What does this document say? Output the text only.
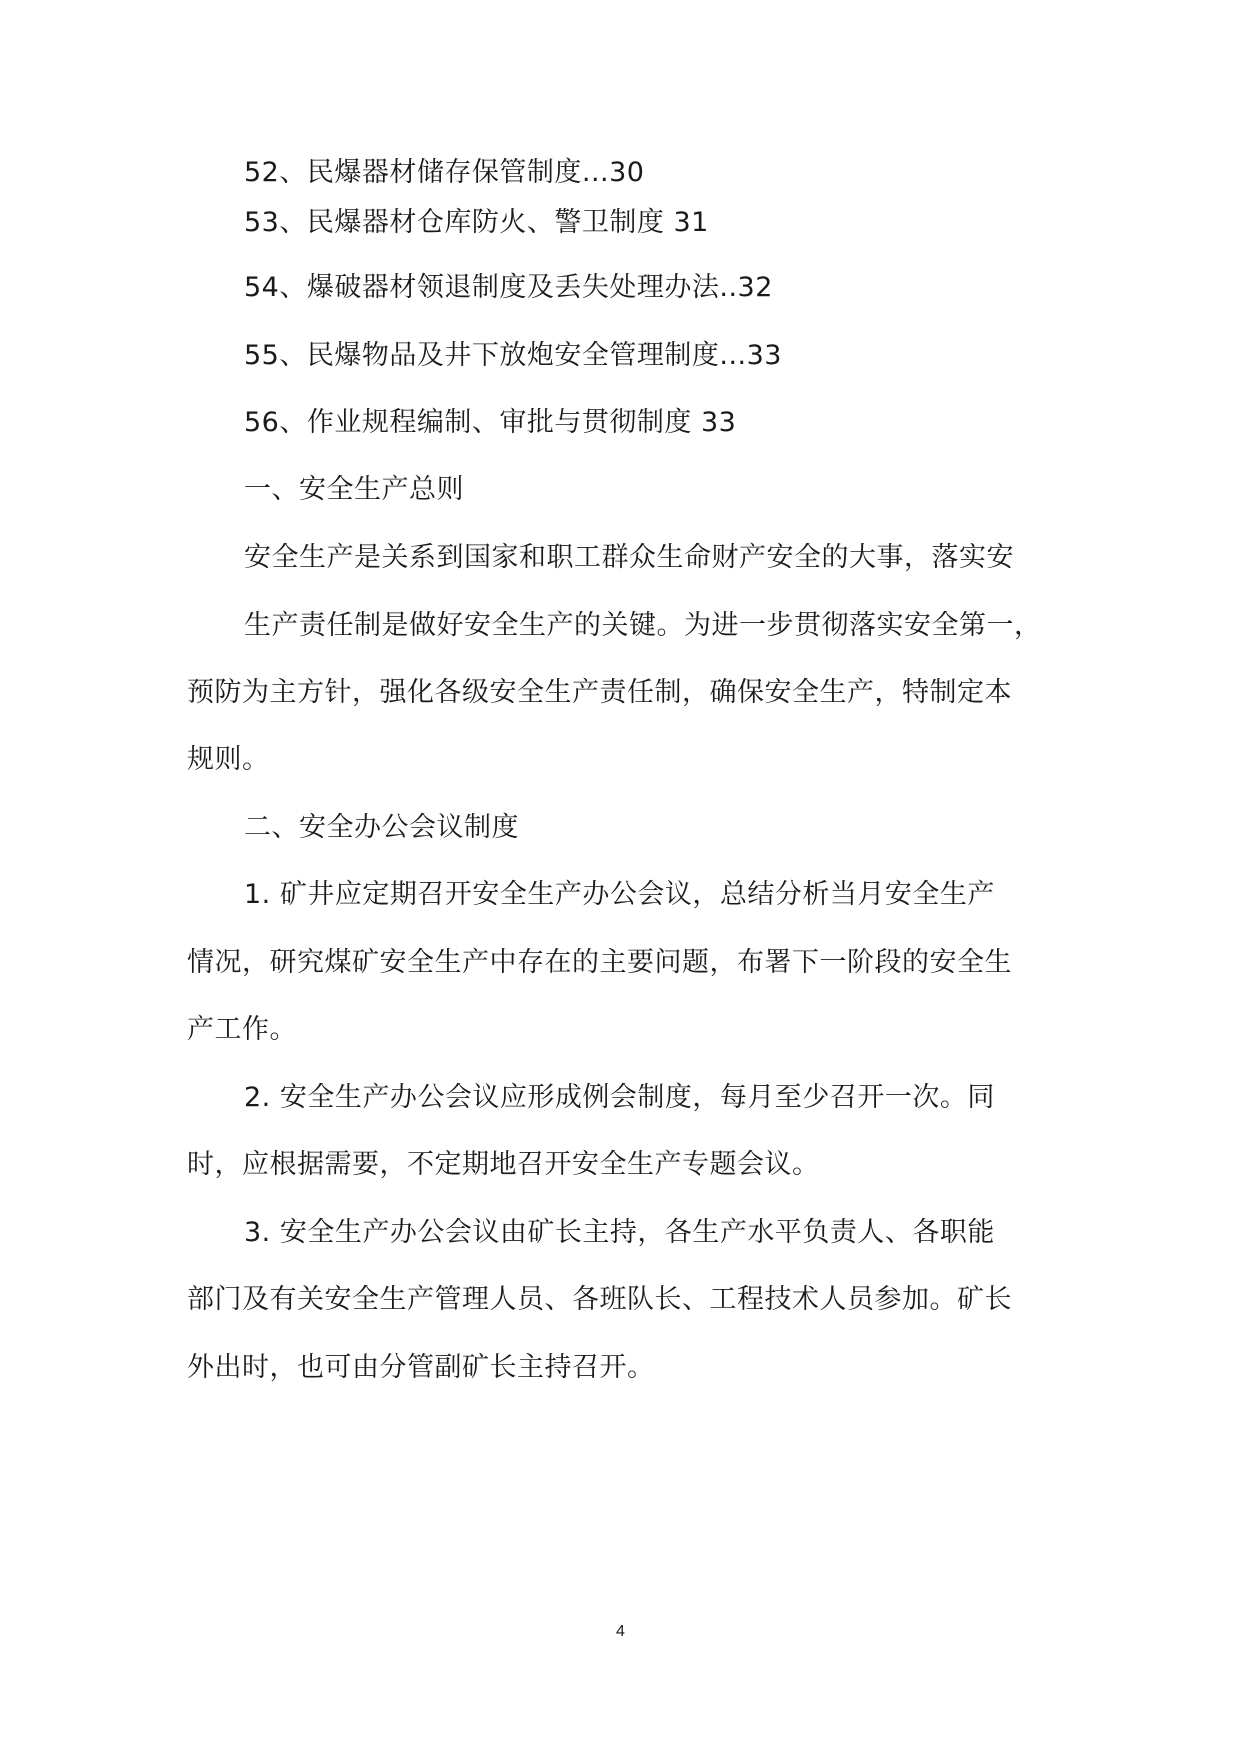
52、民爆器材储存保管制度...30
53、民爆器材仓库防火、警卫制度 31
54、爆破器材领退制度及丢失处理办法..32
55、民爆物品及井下放炮安全管理制度...33
56、作业规程编制、审批与贯彻制度 33
一、安全生产总则
安全生产是关系到国家和职工群众生命财产安全的大事，落实安
生产责任制是做好安全生产的关键。为进一步贯彻落实安全第一，
预防为主方针，强化各级安全生产责任制，确保安全生产，特制定本
规则。
二、安全办公会议制度
1. 矿井应定期召开安全生产办公会议，总结分析当月安全生产
情况，研究煤矿安全生产中存在的主要问题，布署下一阶段的安全生
产工作。
2. 安全生产办公会议应形成例会制度，每月至少召开一次。同
时，应根据需要，不定期地召开安全生产专题会议。
3. 安全生产办公会议由矿长主持，各生产水平负责人、各职能
部门及有关安全生产管理人员、各班队长、工程技术人员参加。矿长
外出时，也可由分管副矿长主持召开。
4
